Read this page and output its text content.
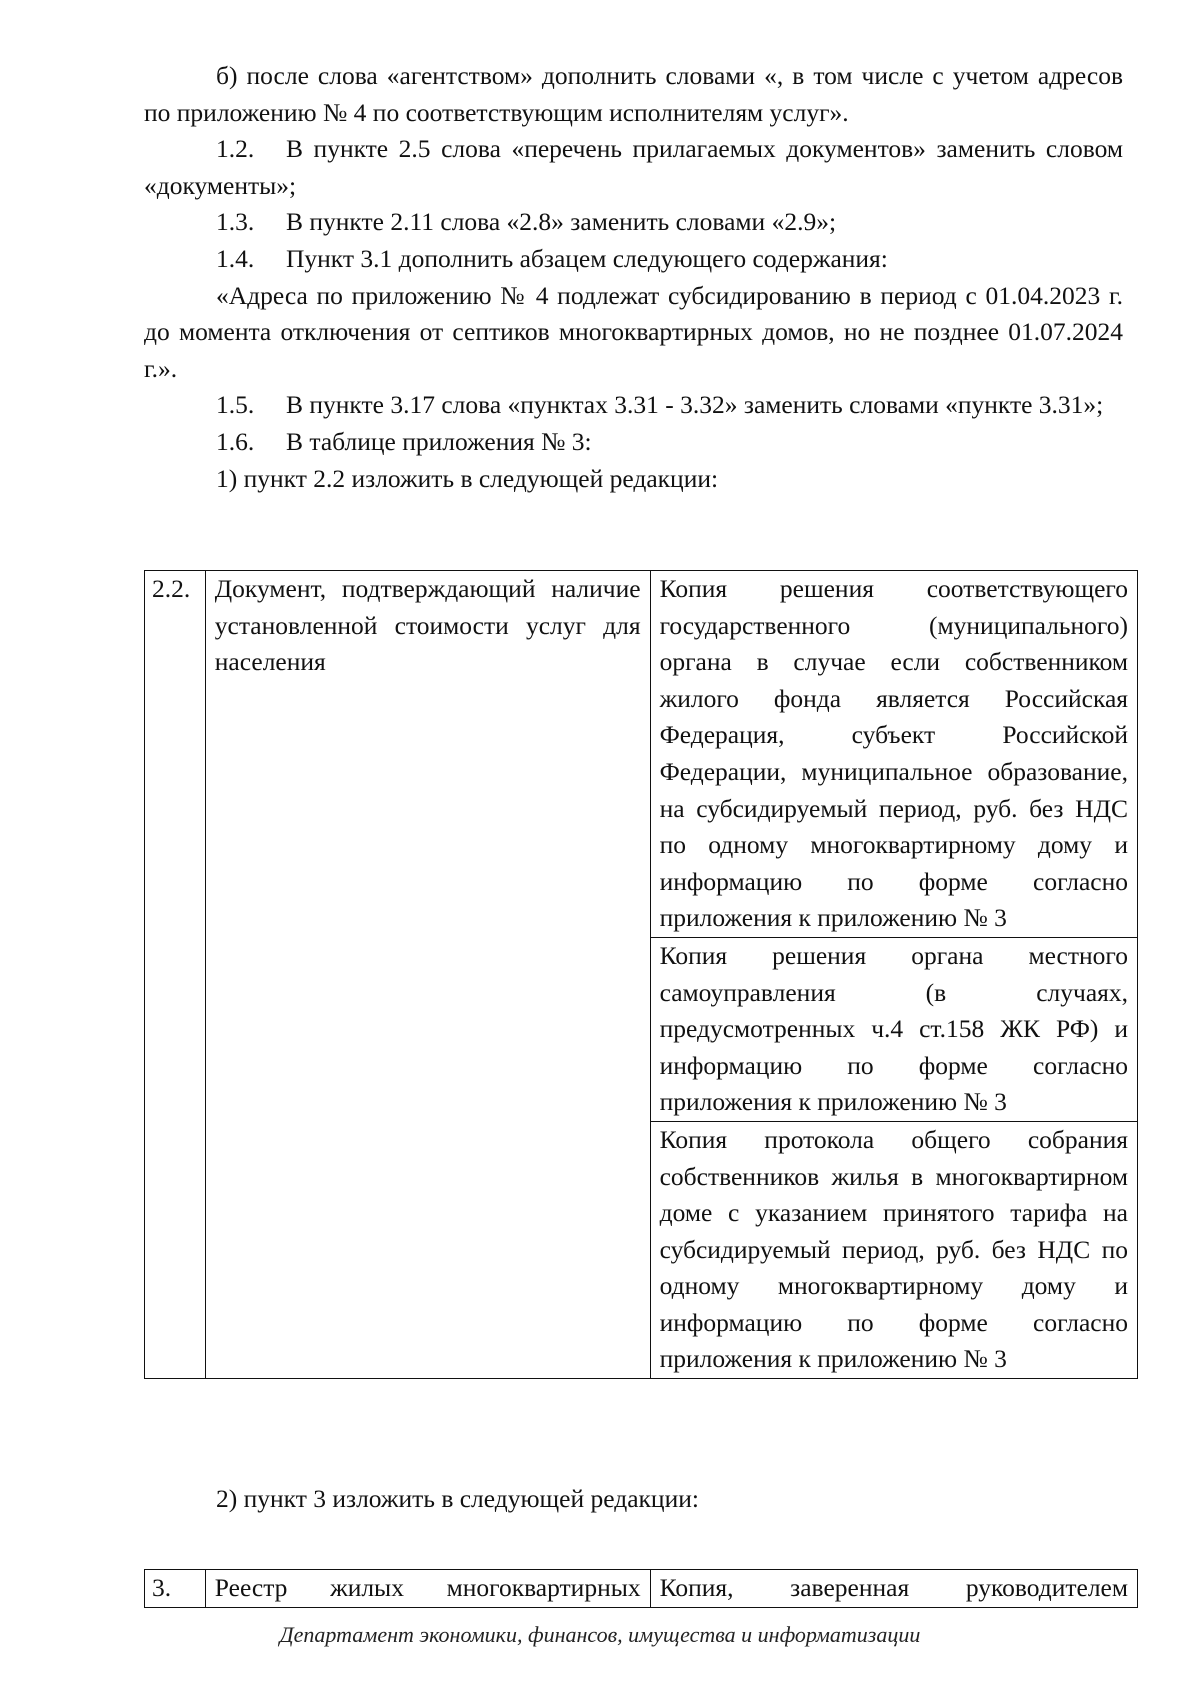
б) после слова «агентством» дополнить словами «, в том числе с учетом адресов по приложению № 4 по соответствующим исполнителям услуг».

1.2. В пункте 2.5 слова «перечень прилагаемых документов» заменить словом «документы»;

1.3. В пункте 2.11 слова «2.8» заменить словами «2.9»;

1.4. Пункт 3.1 дополнить абзацем следующего содержания:

«Адреса по приложению № 4 подлежат субсидированию в период с 01.04.2023 г. до момента отключения от септиков многоквартирных домов, но не позднее 01.07.2024 г.».

1.5. В пункте 3.17 слова «пунктах 3.31 - 3.32» заменить словами «пункте 3.31»;

1.6. В таблице приложения № 3:

1) пункт 2.2 изложить в следующей редакции:

2.2.	Документ, подтверждающий наличие установленной стоимости услуг для населения	Копия решения соответствующего государственного (муниципального) органа в случае если собственником жилого фонда является Российская Федерация, субъект Российской Федерации, муниципальное образование, на субсидируемый период, руб. без НДС по одному многоквартирному дому и информацию по форме согласно приложения к приложению № 3
Копия решения органа местного самоуправления (в случаях, предусмотренных ч.4 ст.158 ЖК РФ) и информацию по форме согласно приложения к приложению № 3
Копия протокола общего собрания собственников жилья в многоквартирном доме с указанием принятого тарифа на субсидируемый период, руб. без НДС по одному многоквартирному дому и информацию по форме согласно приложения к приложению № 3

2) пункт 3 изложить в следующей редакции:

3.	Реестр жилых многоквартирных	Копия, заверенная руководителем
Департамент экономики, финансов, имущества и информатизации
